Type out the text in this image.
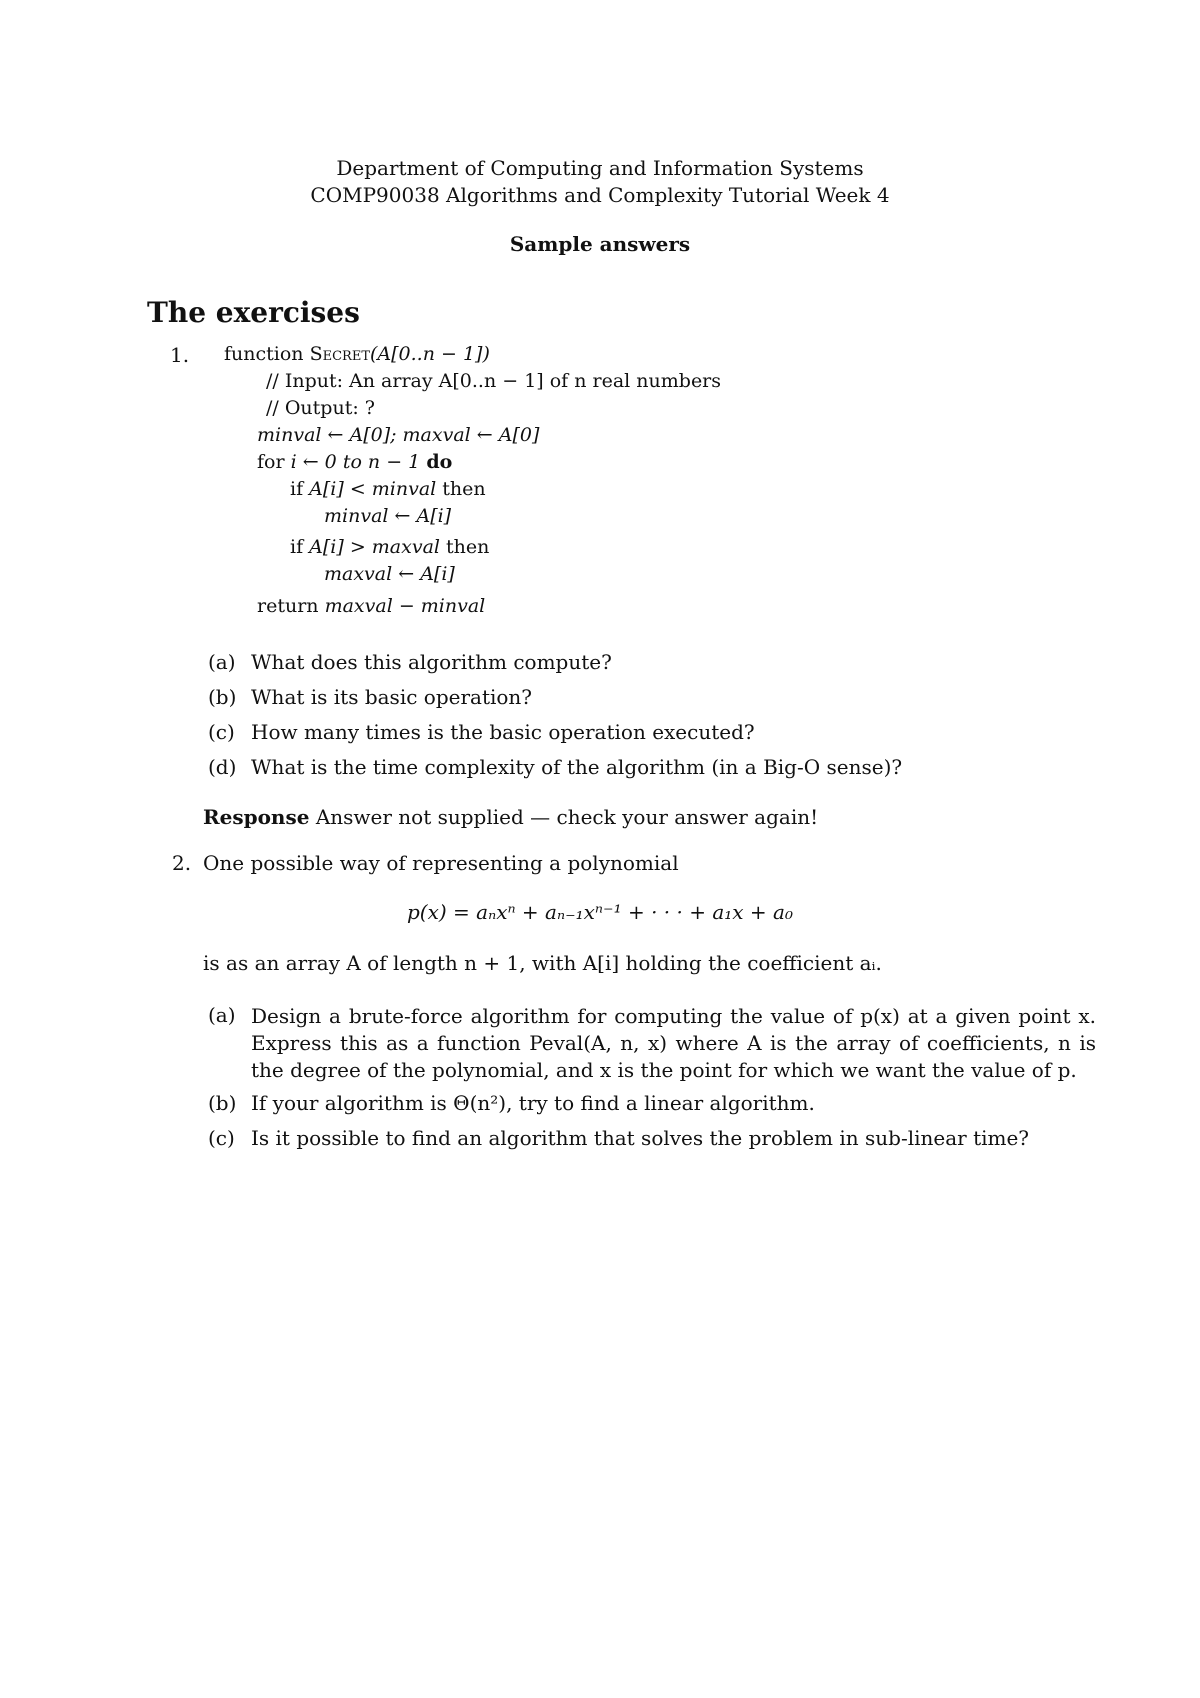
Department of Computing and Information Systems
COMP90038 Algorithms and Complexity Tutorial Week 4
Sample answers
The exercises
1. function Secret(A[0..n − 1])
// Input: An array A[0..n − 1] of n real numbers
// Output: ?
minval ← A[0]; maxval ← A[0]
for i ← 0 to n − 1 do
if A[i] < minval then
minval ← A[i]
if A[i] > maxval then
maxval ← A[i]
return maxval − minval
(a) What does this algorithm compute?
(b) What is its basic operation?
(c) How many times is the basic operation executed?
(d) What is the time complexity of the algorithm (in a Big-O sense)?
Response Answer not supplied — check your answer again!
2. One possible way of representing a polynomial
p(x) = aₙxⁿ + aₙ₋₁xⁿ⁻¹ + · · · + a₁x + a₀
is as an array A of length n + 1, with A[i] holding the coefficient aᵢ.
(a) Design a brute-force algorithm for computing the value of p(x) at a given point x. Express this as a function Peval(A, n, x) where A is the array of coefficients, n is the degree of the polynomial, and x is the point for which we want the value of p.
(b) If your algorithm is Θ(n²), try to find a linear algorithm.
(c) Is it possible to find an algorithm that solves the problem in sub-linear time?
